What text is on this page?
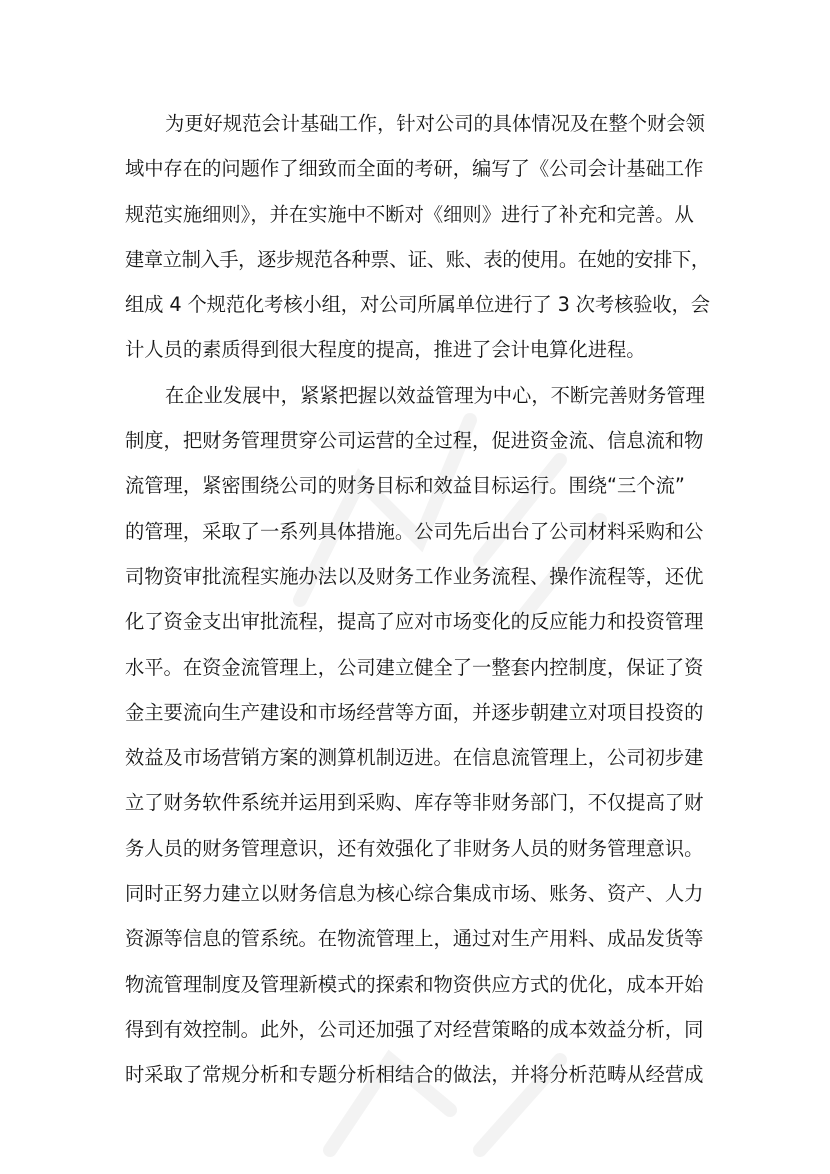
为更好规范会计基础工作，针对公司的具体情况及在整个财会领
域中存在的问题作了细致而全面的考研，编写了《公司会计基础工作
规范实施细则》，并在实施中不断对《细则》进行了补充和完善。从
建章立制入手，逐步规范各种票、证、账、表的使用。在她的安排下，
组成 4 个规范化考核小组，对公司所属单位进行了 3 次考核验收，会
计人员的素质得到很大程度的提高，推进了会计电算化进程。

在企业发展中，紧紧把握以效益管理为中心，不断完善财务管理
制度，把财务管理贯穿公司运营的全过程，促进资金流、信息流和物
流管理，紧密围绕公司的财务目标和效益目标运行。围绕“三个流”
的管理，采取了一系列具体措施。公司先后出台了公司材料采购和公
司物资审批流程实施办法以及财务工作业务流程、操作流程等，还优
化了资金支出审批流程，提高了应对市场变化的反应能力和投资管理
水平。在资金流管理上，公司建立健全了一整套内控制度，保证了资
金主要流向生产建设和市场经营等方面，并逐步朝建立对项目投资的
效益及市场营销方案的测算机制迈进。在信息流管理上，公司初步建
立了财务软件系统并运用到采购、库存等非财务部门，不仅提高了财
务人员的财务管理意识，还有效强化了非财务人员的财务管理意识。
同时正努力建立以财务信息为核心综合集成市场、账务、资产、人力
资源等信息的管系统。在物流管理上，通过对生产用料、成品发货等
物流管理制度及管理新模式的探索和物资供应方式的优化，成本开始
得到有效控制。此外，公司还加强了对经营策略的成本效益分析，同
时采取了常规分析和专题分析相结合的做法，并将分析范畴从经营成
